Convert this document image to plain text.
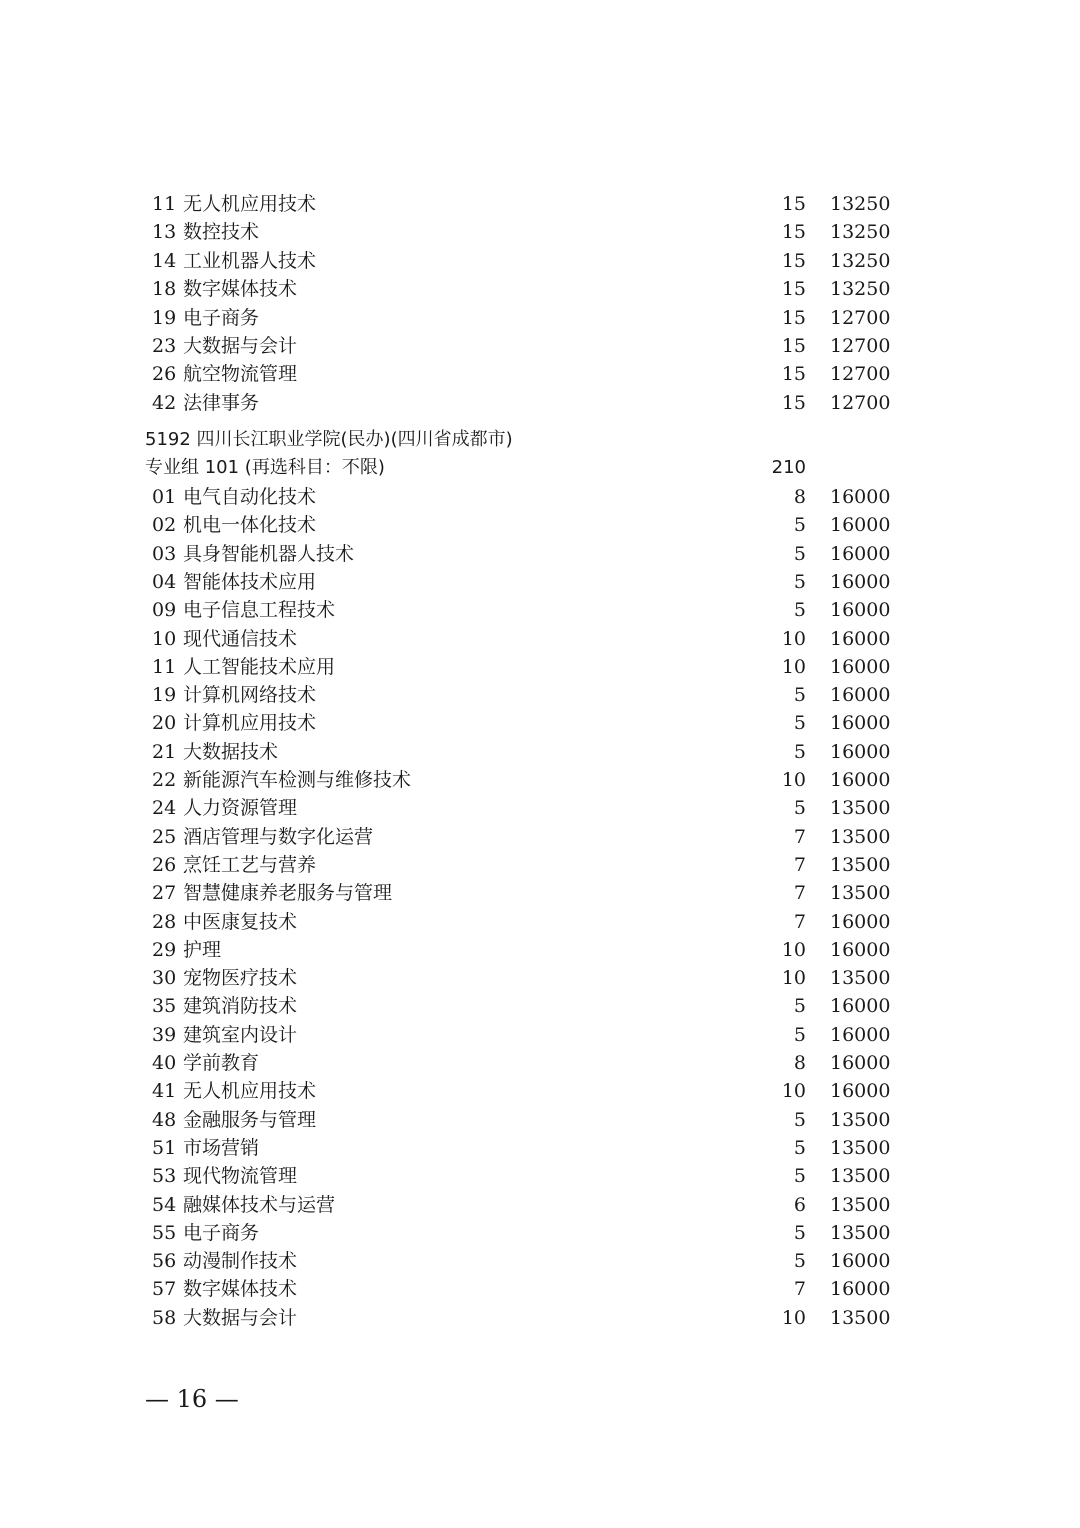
11 无人机应用技术	15 13250
13 数控技术	15 13250
14 工业机器人技术	15 13250
18 数字媒体技术	15 13250
19 电子商务	15 12700
23 大数据与会计	15 12700
26 航空物流管理	15 12700
42 法律事务	15 12700
5192 四川长江职业学院(民办)(四川省成都市)
专业组 101 (再选科目：不限)	210
01 电气自动化技术	8 16000
02 机电一体化技术	5 16000
03 具身智能机器人技术	5 16000
04 智能体技术应用	5 16000
09 电子信息工程技术	5 16000
10 现代通信技术	10 16000
11 人工智能技术应用	10 16000
19 计算机网络技术	5 16000
20 计算机应用技术	5 16000
21 大数据技术	5 16000
22 新能源汽车检测与维修技术	10 16000
24 人力资源管理	5 13500
25 酒店管理与数字化运营	7 13500
26 烹饪工艺与营养	7 13500
27 智慧健康养老服务与管理	7 13500
28 中医康复技术	7 16000
29 护理	10 16000
30 宠物医疗技术	10 13500
35 建筑消防技术	5 16000
39 建筑室内设计	5 16000
40 学前教育	8 16000
41 无人机应用技术	10 16000
48 金融服务与管理	5 13500
51 市场营销	5 13500
53 现代物流管理	5 13500
54 融媒体技术与运营	6 13500
55 电子商务	5 13500
56 动漫制作技术	5 16000
57 数字媒体技术	7 16000
58 大数据与会计	10 13500
— 16 —
